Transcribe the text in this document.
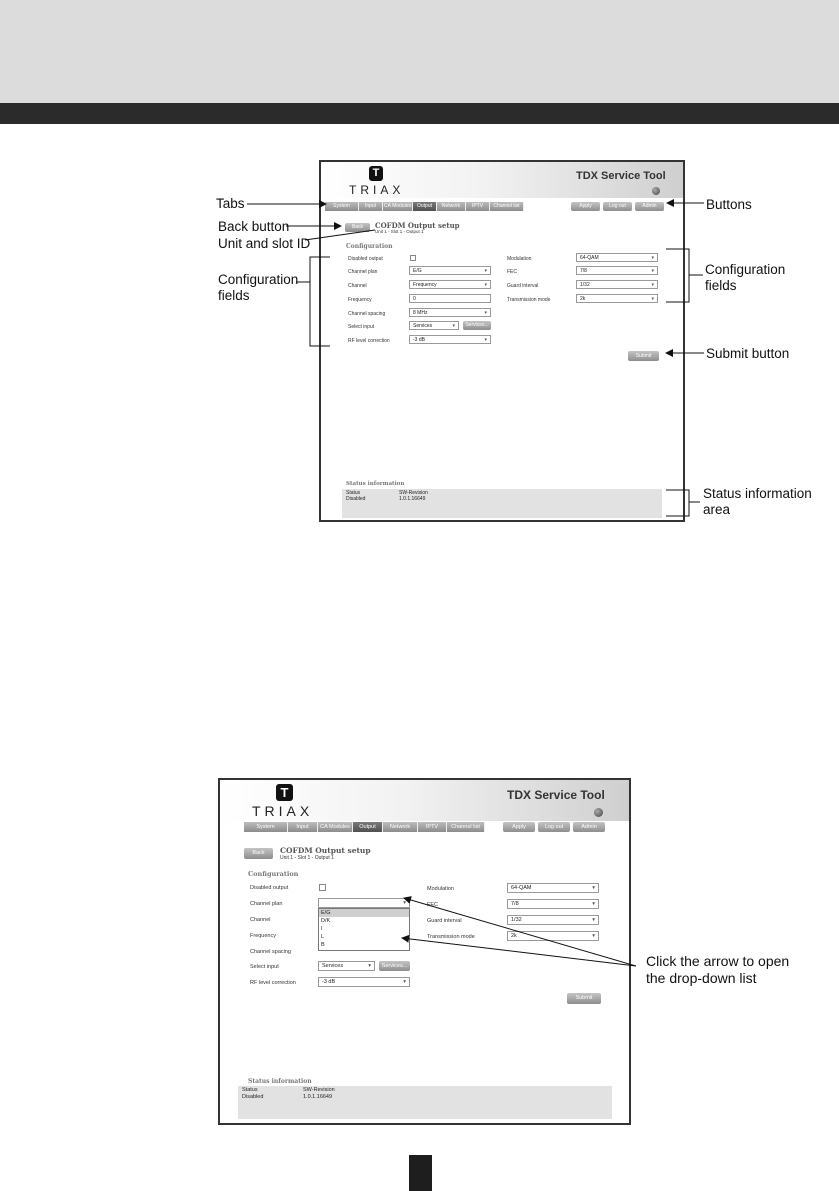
T
TRIAX
TDX Service Tool
System	Input	CA Modules	Output	Network	IPTV	Channel list	Apply	Log out	Admin
Back	COFDM Output setup
Unit 1 - Slot 1 - Output 1
Configuration
Disabled output
Channel plan	E/G	▾
Channel	Frequency	▾
Frequency	0
Channel spacing	8 MHz	▾
Select input	Services	▾	Services...
RF level correction	-3 dB	▾
Modulation	64-QAM	▾
FEC	7/8	▾
Guard interval	1/32	▾
Transmission mode	2k	▾
Submit
Status information
Status	SW-Revision
Disabled	1.0.1.16649
Tabs
Back button
Unit and slot ID
Configuration
fields
Buttons
Configuration
fields
Submit button
Status information
area
T
TRIAX
TDX Service Tool
System	Input	CA Modules	Output	Network	IPTV	Channel list	Apply	Log out	Admin
Back	COFDM Output setup
Unit 1 - Slot 1 - Output 1
Configuration
Disabled output
Channel plan	▾
E/G
D/K
I
L
B
Channel
Frequency
Channel spacing
Select input	Services	▾	Services...
RF level correction	-3 dB	▾
Modulation	64-QAM	▾
FEC	7/8	▾
Guard interval	1/32	▾
Transmission mode	2k	▾
Submit
Status information
Status	SW-Revision
Disabled	1.0.1.16649
Click the arrow to open
the drop-down list
